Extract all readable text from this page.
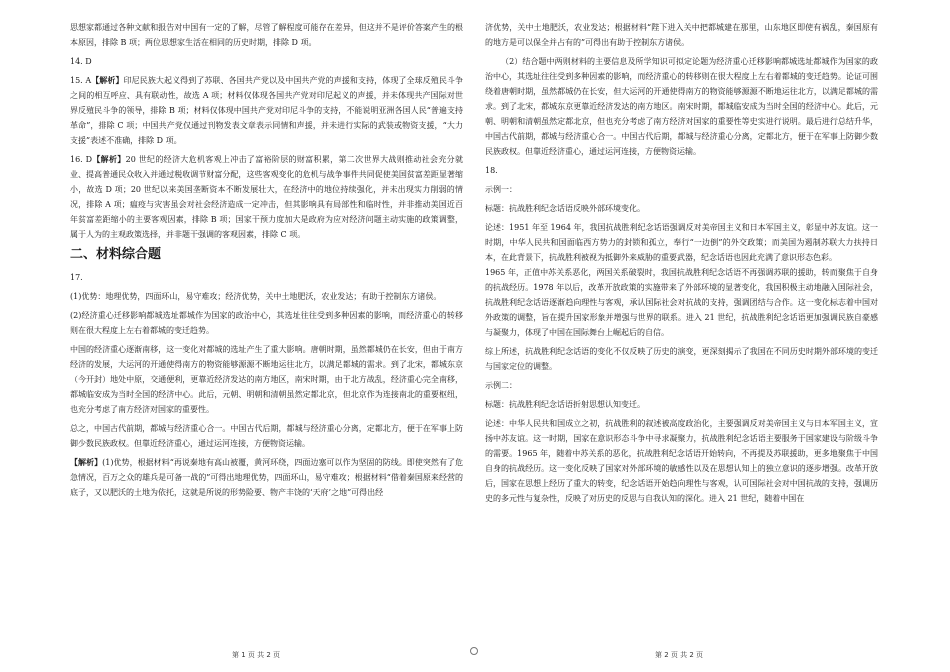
思想家都通过各种文献和报告对中国有一定的了解，尽管了解程度可能存在差异，但这并不是评价答案产生的根本原因，排除 B 项；两位思想家生活在相同的历史时期，排除 D 项。

14. D

15. A【解析】印尼民族大起义得到了苏联、各国共产党以及中国共产党的声援和支持，体现了全球反殖民斗争之间的相互呼应、具有联动性，故选 A 项；材料仅体现各国共产党对印尼起义的声援，并未体现共产国际对世界反殖民斗争的领导，排除 B 项；材料仅体现中国共产党对印尼斗争的支持，不能说明亚洲各国人民“普遍支持革命”，排除 C 项；中国共产党仅通过刊物发表文章表示同情和声援，并未进行实际的武装或物资支援，“大力支援”表述不准确，排除 D 项。

16. D【解析】20 世纪的经济大危机客观上冲击了富裕阶层的财富积累，第二次世界大战则推动社会充分就业、提高普通民众收入并通过税收调节财富分配，这些客观变化的危机与战争事件共同促使美国贫富差距显著缩小，故选 D 项；20 世纪以来美国垄断资本不断发展壮大，在经济中的地位持续强化，并未出现实力削弱的情况，排除 A 项；瘟疫与灾害虽会对社会经济造成一定冲击，但其影响具有局部性和临时性，并非推动美国近百年贫富差距缩小的主要客观因素，排除 B 项；国家干预力度加大是政府为应对经济问题主动实施的政策调整，属于人为的主观政策选择，并非题干强调的客观因素，排除 C 项。

二、材料综合题

17.

(1)优势：地理优势，四面环山，易守难攻；经济优势，关中土地肥沃，农业发达；有助于控制东方诸侯。

(2)经济重心迁移影响都城选址都城作为国家的政治中心，其选址往往受到多种因素的影响，而经济重心的转移则在很大程度上左右着都城的变迁趋势。

中国的经济重心逐渐南移，这一变化对都城的选址产生了重大影响。唐朝时期，虽然都城仍在长安，但由于南方经济的发展，大运河的开通使得南方的物资能够源源不断地运往北方，以满足都城的需求。到了北宋，都城东京（今开封）地处中原，交通便利，更靠近经济发达的南方地区，南宋时期，由于北方战乱，经济重心完全南移，都城临安成为当时全国的经济中心。此后，元朝、明朝和清朝虽然定都北京，但北京作为连接南北的重要枢纽，也充分考虑了南方经济对国家的重要性。

总之，中国古代前期，都城与经济重心合一。中国古代后期，都城与经济重心分离，定都北方，便于在军事上防御少数民族政权。但靠近经济重心，通过运河连接，方便物资运输。

【解析】(1)优势，根据材料“再说秦地有高山被覆，黄河环绕，四面边塞可以作为坚固的防线。即使突然有了危急情况，百万之众的雄兵是可备一战的”可得出地理优势，四面环山，易守难攻；根据材料“借着秦国原来经营的底子，又以肥沃的土地为依托，这就是所说的形势险要、物产丰饶的‘天府’之地”可得出经

济优势，关中土地肥沃，农业发达；根据材料“陛下进入关中把都城建在那里，山东地区即使有祸乱，秦国原有的地方是可以保全并占有的”可得出有助于控制东方诸侯。

（2）结合题中两则材料的主要信息及所学知识可拟定论题为经济重心迁移影响都城选址都城作为国家的政治中心，其选址往往受到多种因素的影响，而经济重心的转移则在很大程度上左右着都城的变迁趋势。论证可围绕着唐朝时期，虽然都城仍在长安，但大运河的开通使得南方的物资能够源源不断地运往北方，以满足都城的需求。到了北宋，都城东京更靠近经济发达的南方地区。南宋时期，都城临安成为当时全国的经济中心。此后，元朝、明朝和清朝虽然定都北京，但也充分考虑了南方经济对国家的重要性等史实进行说明。最后进行总结升华，中国古代前期，都城与经济重心合一。中国古代后期，都城与经济重心分离，定都北方，便于在军事上防御少数民族政权。但靠近经济重心，通过运河连接，方便物资运输。

18.

示例一：

标题：抗战胜利纪念话语反映外部环境变化。

论述：1951 年至 1964 年，我国抗战胜利纪念话语强调反对美帝国主义和日本军国主义，彰显中苏友谊。这一时期，中华人民共和国面临西方势力的封锁和孤立，奉行“一边倒”的外交政策；而美国为遏制苏联大力扶持日本，在此背景下，抗战胜利被视为抵御外来威胁的重要武器，纪念话语也因此充满了意识形态色彩。

1965 年，正值中苏关系恶化，两国关系破裂时，我国抗战胜利纪念话语不再强调苏联的援助，转而聚焦于自身的抗战经历。1978 年以后，改革开放政策的实施带来了外部环境的显著变化，我国积极主动地融入国际社会，抗战胜利纪念话语逐渐趋向理性与客观，承认国际社会对抗战的支持，强调团结与合作。这一变化标志着中国对外政策的调整，旨在提升国家形象并增强与世界的联系。进入 21 世纪，抗战胜利纪念话语更加强调民族自豪感与凝聚力，体现了中国在国际舞台上崛起后的自信。

综上所述，抗战胜利纪念话语的变化不仅反映了历史的演变，更深刻揭示了我国在不同历史时期外部环境的变迁与国家定位的调整。

示例二：

标题：抗战胜利纪念话语折射思想认知变迁。

论述：中华人民共和国成立之初，抗战胜利的叙述被高度政治化，主要强调反对美帝国主义与日本军国主义，宣扬中苏友谊。这一时期，国家在意识形态斗争中寻求凝聚力，抗战胜利纪念话语主要服务于国家建设与阶级斗争的需要。1965 年，随着中苏关系的恶化，抗战胜利纪念话语开始转向，不再提及苏联援助，更多地聚焦于中国自身的抗战经历。这一变化反映了国家对外部环境的敏感性以及在思想认知上的独立意识的逐步增强。改革开放后，国家在思想上经历了重大的转变，纪念话语开始趋向理性与客观，认可国际社会对中国抗战的支持，强调历史的多元性与复杂性，反映了对历史的反思与自我认知的深化。进入 21 世纪，随着中国在

第 1 页 共 2 页	第 2 页 共 2 页
